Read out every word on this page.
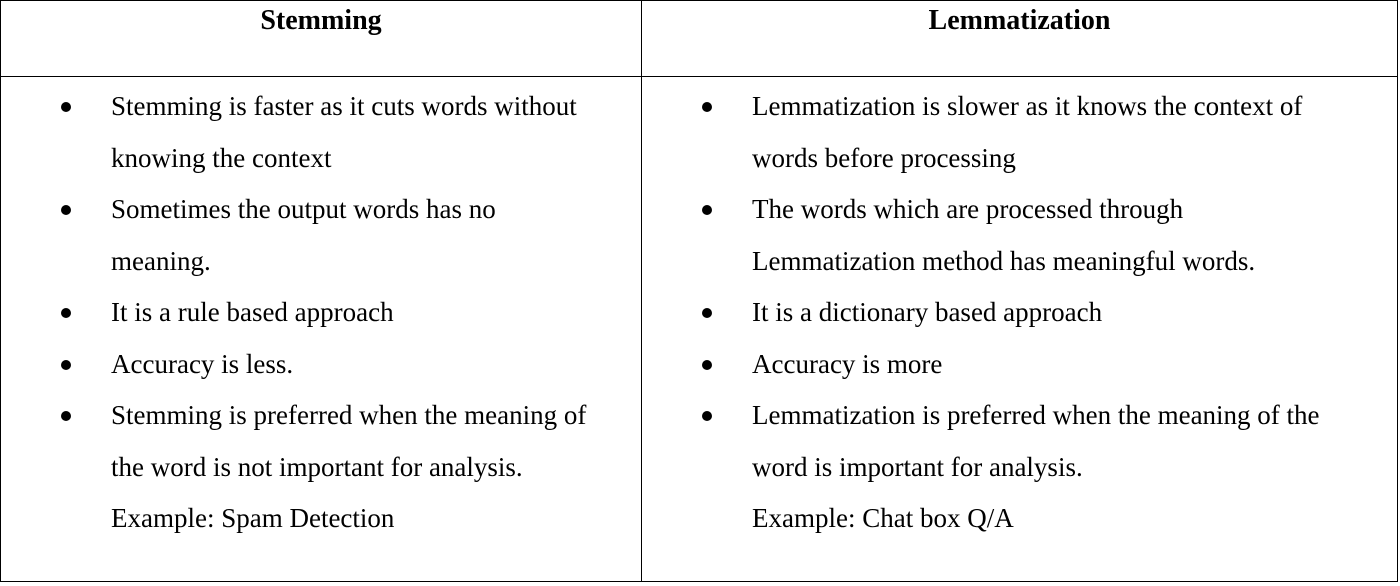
Stemming	Lemmatization
Stemming is faster as it cuts words without
knowing the context
Sometimes the output words has no
meaning.
It is a rule based approach
Accuracy is less.
Stemming is preferred when the meaning of
the word is not important for analysis.
Example: Spam Detection
Lemmatization is slower as it knows the context of
words before processing
The words which are processed through
Lemmatization method has meaningful words.
It is a dictionary based approach
Accuracy is more
Lemmatization is preferred when the meaning of the
word is important for analysis.
Example: Chat box Q/A
